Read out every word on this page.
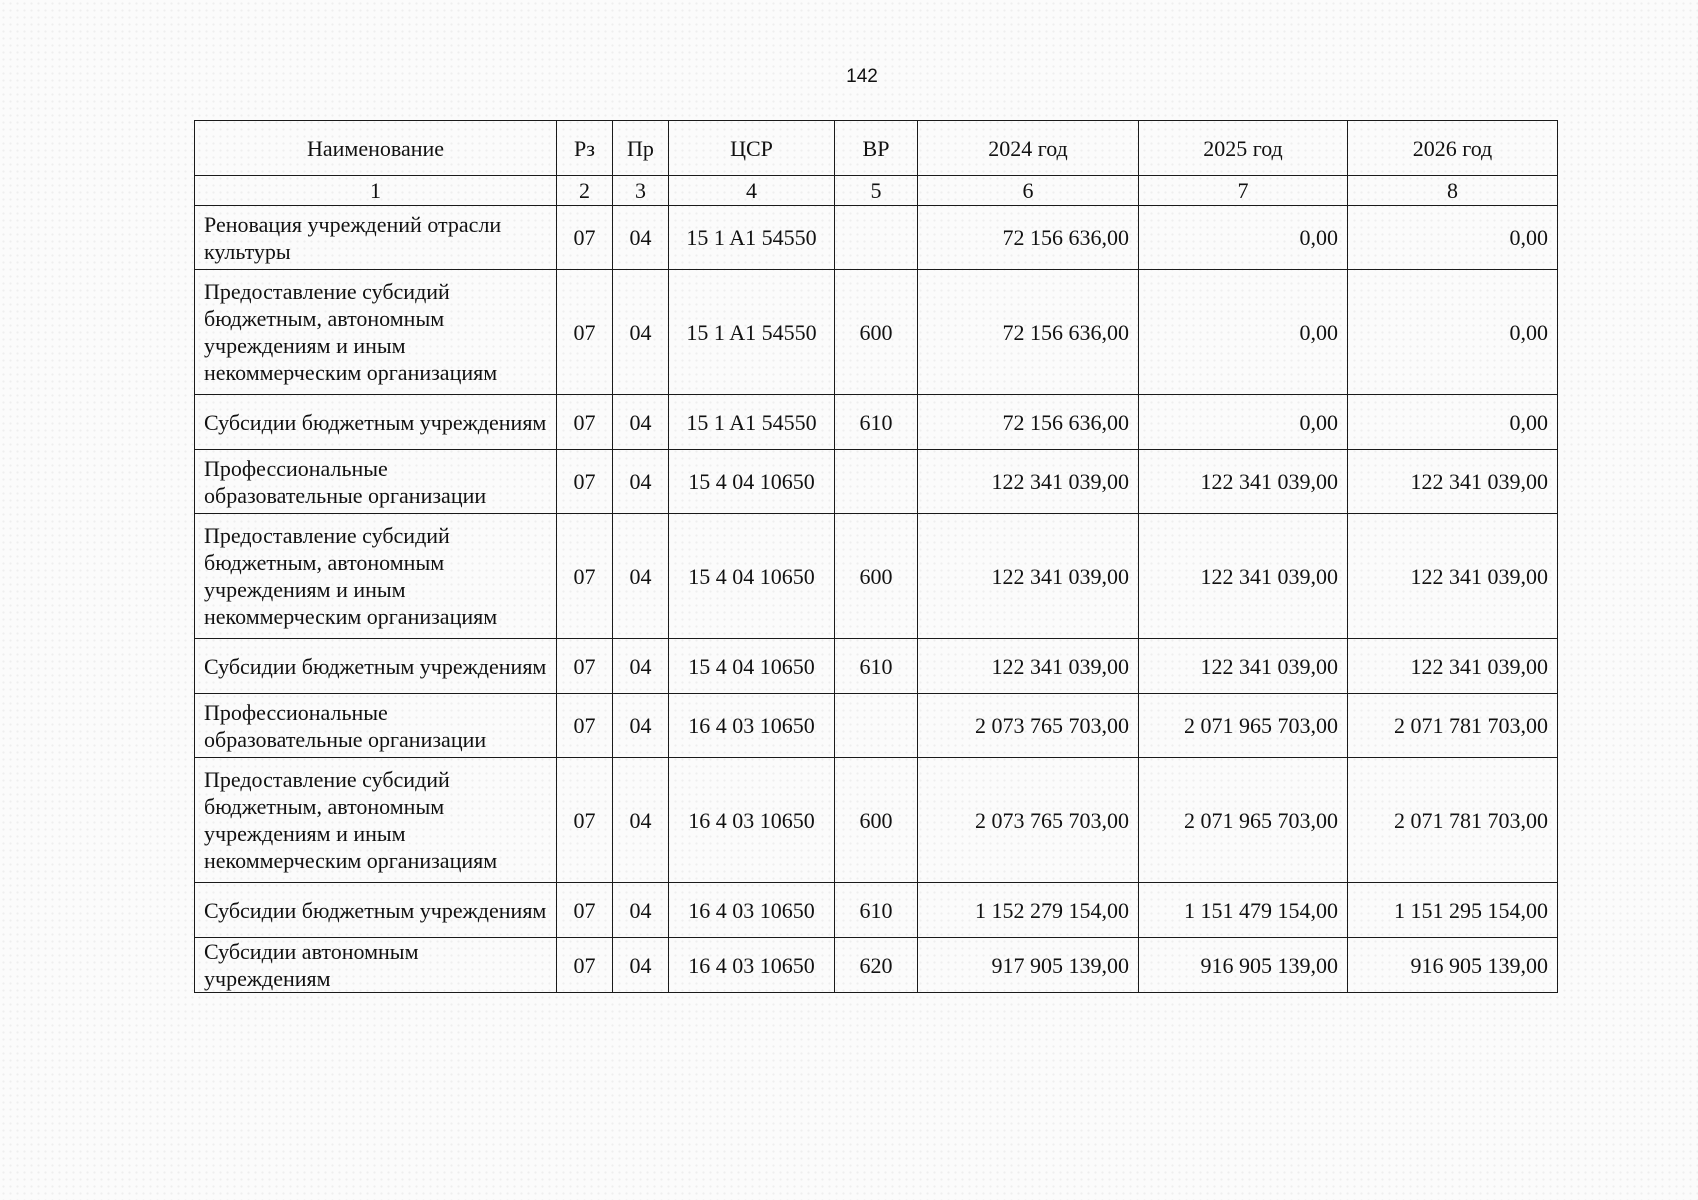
142
Наименование	Рз	Пр	ЦСР	ВР	2024 год	2025 год	2026 год
1	2	3	4	5	6	7	8
Реновация учреждений отрасли культуры	07	04	15 1 A1 54550		72 156 636,00	0,00	0,00
Предоставление субсидий бюджетным, автономным учреждениям и иным некоммерческим организациям	07	04	15 1 A1 54550	600	72 156 636,00	0,00	0,00
Субсидии бюджетным учреждениям	07	04	15 1 A1 54550	610	72 156 636,00	0,00	0,00
Профессиональные образовательные организации	07	04	15 4 04 10650		122 341 039,00	122 341 039,00	122 341 039,00
Предоставление субсидий бюджетным, автономным учреждениям и иным некоммерческим организациям	07	04	15 4 04 10650	600	122 341 039,00	122 341 039,00	122 341 039,00
Субсидии бюджетным учреждениям	07	04	15 4 04 10650	610	122 341 039,00	122 341 039,00	122 341 039,00
Профессиональные образовательные организации	07	04	16 4 03 10650		2 073 765 703,00	2 071 965 703,00	2 071 781 703,00
Предоставление субсидий бюджетным, автономным учреждениям и иным некоммерческим организациям	07	04	16 4 03 10650	600	2 073 765 703,00	2 071 965 703,00	2 071 781 703,00
Субсидии бюджетным учреждениям	07	04	16 4 03 10650	610	1 152 279 154,00	1 151 479 154,00	1 151 295 154,00
Субсидии автономным учреждениям	07	04	16 4 03 10650	620	917 905 139,00	916 905 139,00	916 905 139,00
